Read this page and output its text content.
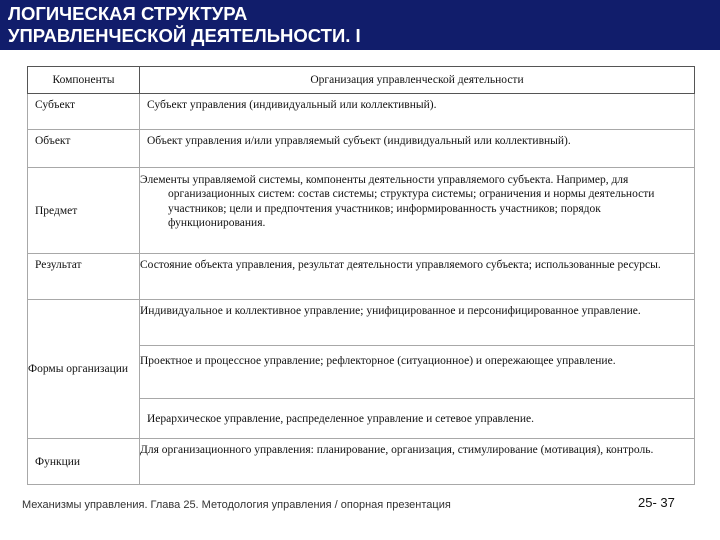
ЛОГИЧЕСКАЯ СТРУКТУРА
УПРАВЛЕНЧЕСКОЙ ДЕЯТЕЛЬНОСТИ. I
Компоненты	Организация управленческой деятельности

Субъект	Субъект управления (индивидуальный или коллективный).

Объект	Объект управления и/или управляемый субъект (индивидуальный или коллективный).

Предмет	Элементы управляемой системы, компоненты деятельности управляемого субъекта. Например, для организационных систем: состав системы; структура системы; ограничения и нормы деятельности участников; цели и предпочтения участников; информированность участников; порядок функционирования.

Результат	Состояние объекта управления, результат деятельности управляемого субъекта; использованные ресурсы.

Формы организации	Индивидуальное и коллективное управление; унифицированное и персонифицированное управление.

	Проектное и процессное управление; рефлекторное (ситуационное) и опережающее управление.

	Иерархическое управление, распределенное управление и сетевое управление.

Функции	Для организационного управления: планирование, организация, стимулирование (мотивация), контроль.
Механизмы управления. Глава 25. Методология управления / опорная презентация	25- 37
